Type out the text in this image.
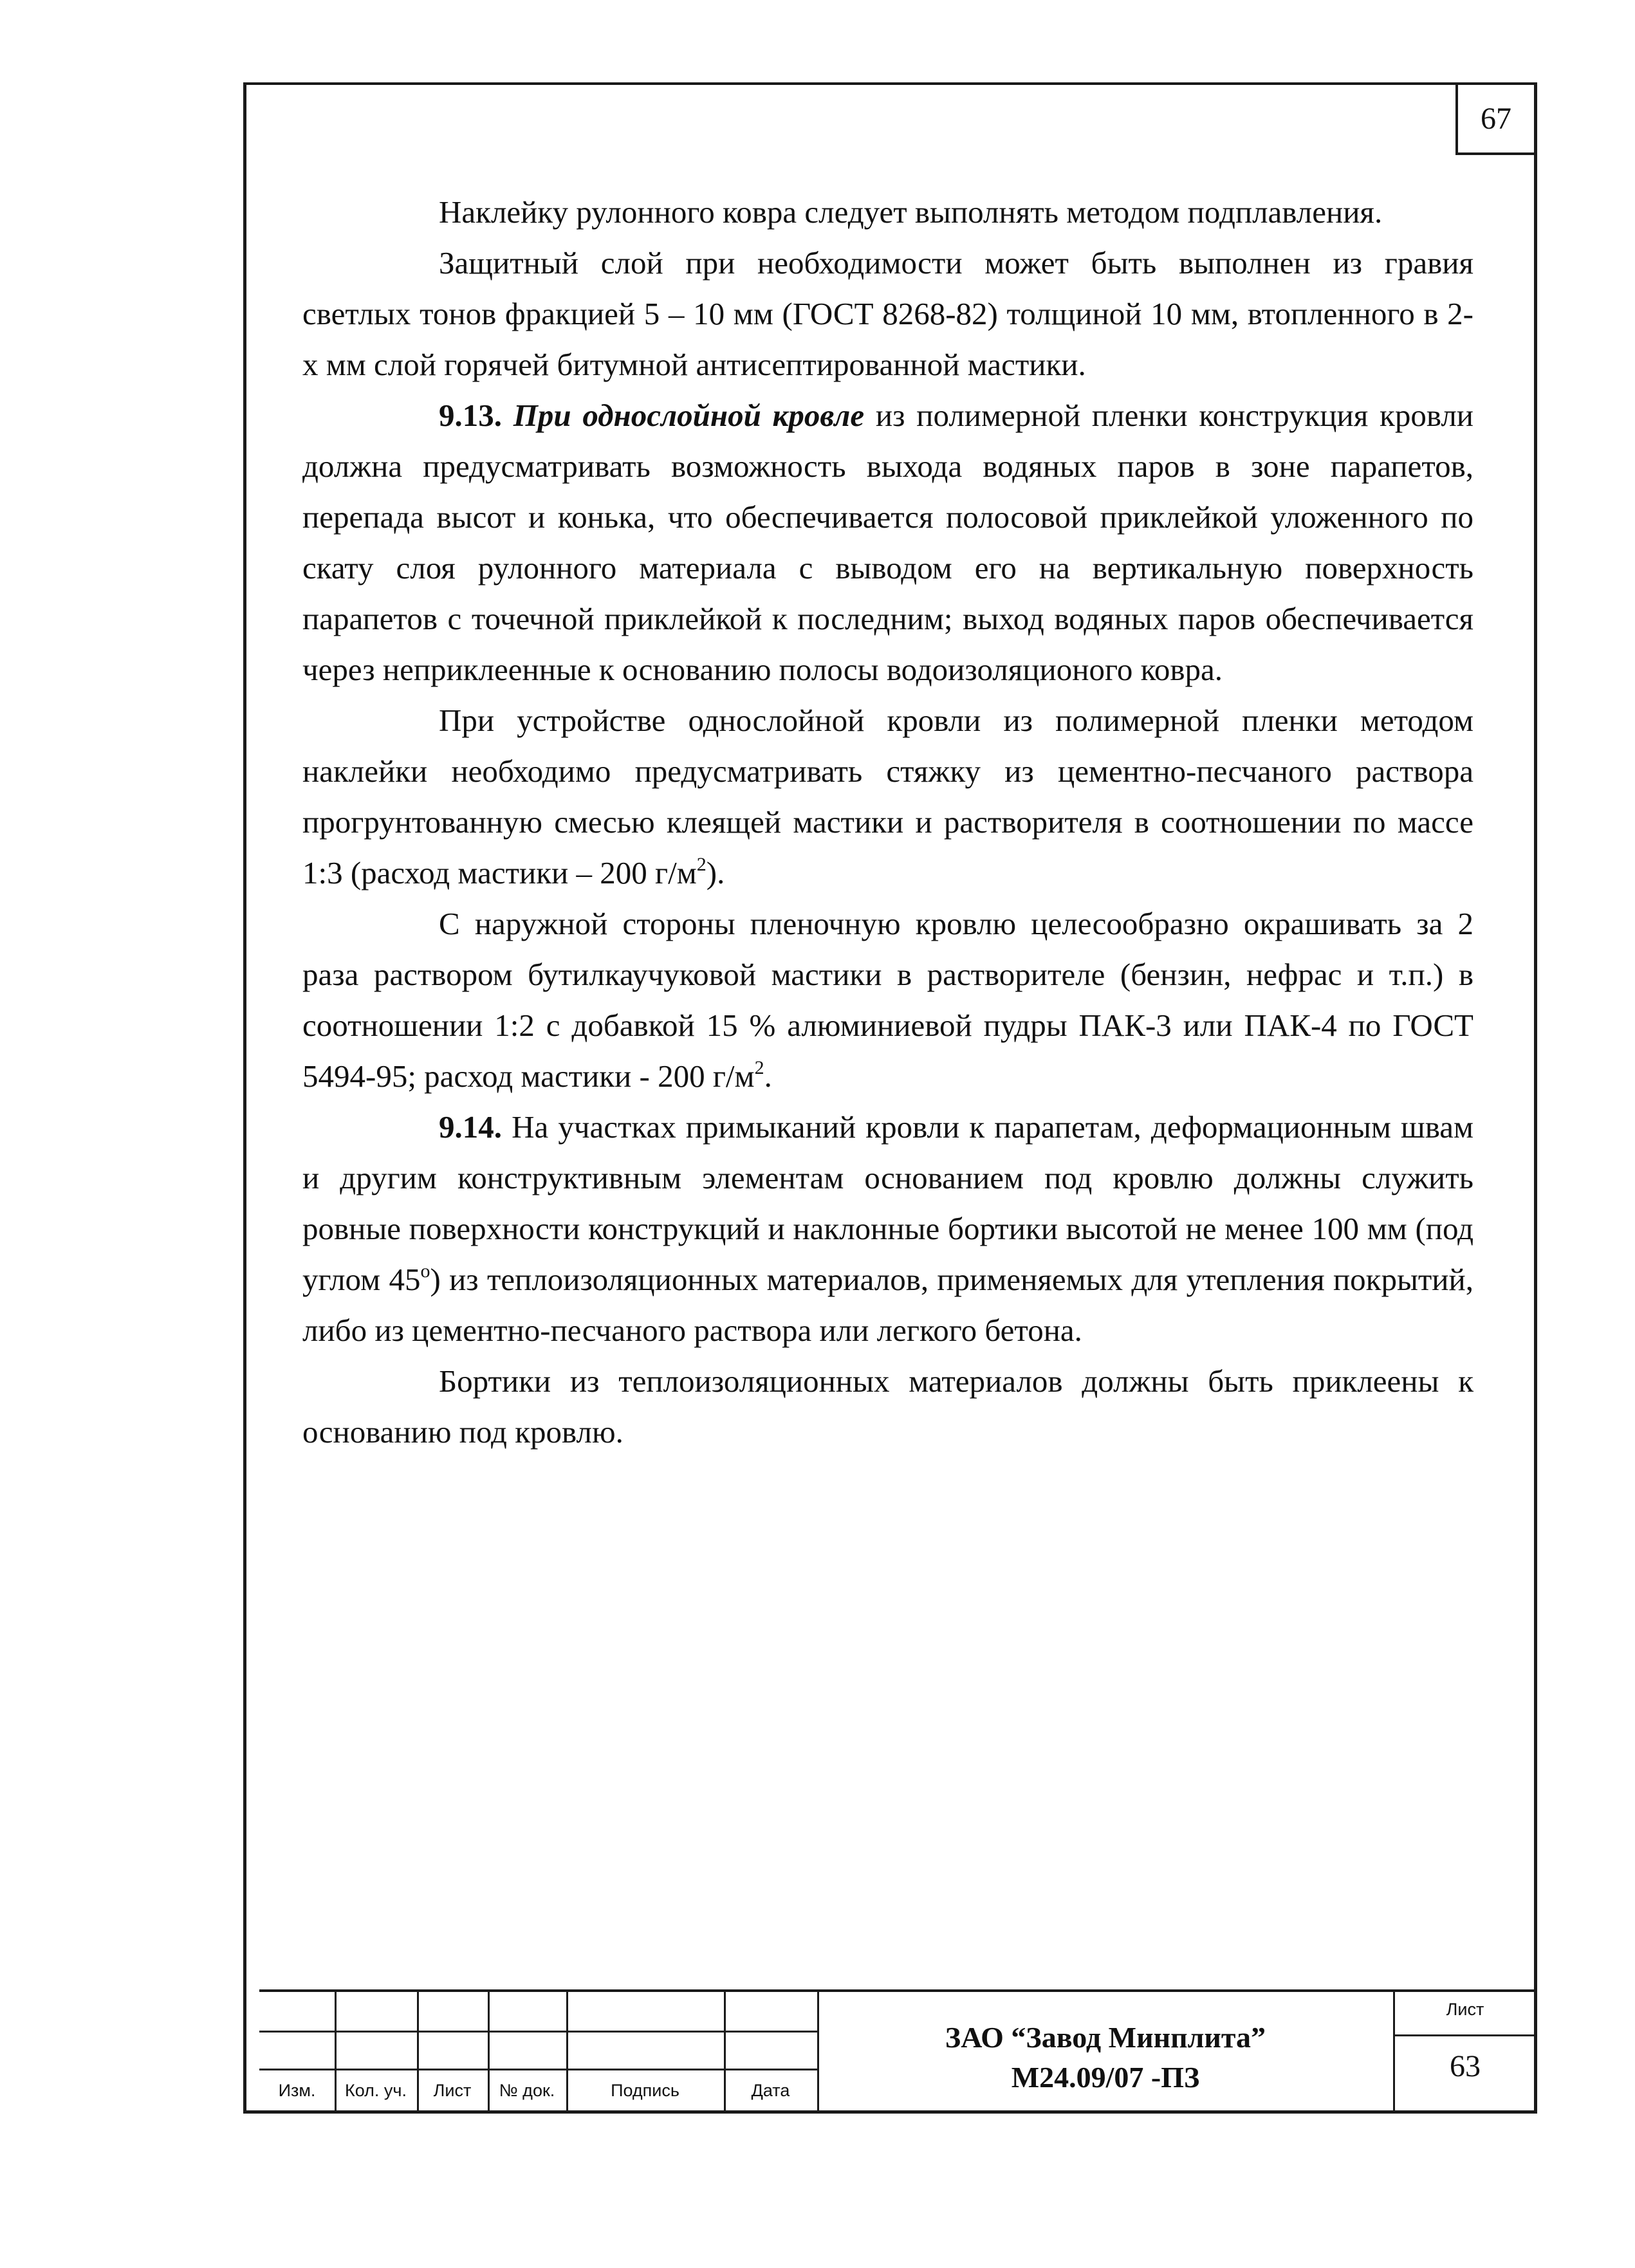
67

Наклейку рулонного ковра следует выполнять методом подплавления.

Защитный слой при необходимости может быть выполнен из гравия светлых тонов фракцией 5 – 10 мм (ГОСТ 8268-82) толщиной 10 мм, втопленного в 2-х мм слой горячей битумной антисептированной мастики.

9.13. При однослойной кровле из полимерной пленки конструкция кровли должна предусматривать возможность выхода водяных паров в зоне парапетов, перепада высот и конька, что обеспечивается полосовой приклейкой уложенного по скату слоя рулонного материала с выводом его на вертикальную поверхность парапетов с точечной приклейкой к последним; выход водяных паров обеспечивается через неприклеенные к основанию полосы водоизоляционого ковра.

При устройстве однослойной кровли из полимерной пленки методом наклейки необходимо предусматривать стяжку из цементно-песчаного раствора прогрунтованную смесью клеящей мастики и растворителя в соотношении по массе 1:3 (расход мастики – 200 $г/м^2$).

С наружной стороны пленочную кровлю целесообразно окрашивать за 2 раза раствором бутилкаучуковой мастики в растворителе (бензин, нефрас и т.п.) в соотношении 1:2 с добавкой 15 % алюминиевой пудры ПАК-3 или ПАК-4 по ГОСТ 5494-95; расход мастики - 200 $г/м^2$.

9.14. На участках примыканий кровли к парапетам, деформационным швам и другим конструктивным элементам основанием под кровлю должны служить ровные поверхности конструкций и наклонные бортики высотой не менее 100 мм (под углом $45^о$) из теплоизоляционных материалов, применяемых для утепления покрытий, либо из цементно-песчаного раствора или легкого бетона.

Бортики из теплоизоляционных материалов должны быть приклеены к основанию под кровлю.

Изм.	Кол. уч.	Лист	№ док.	Подпись	Дата
ЗАО “Завод Минплита”
М24.09/07 -ПЗ
Лист
63
